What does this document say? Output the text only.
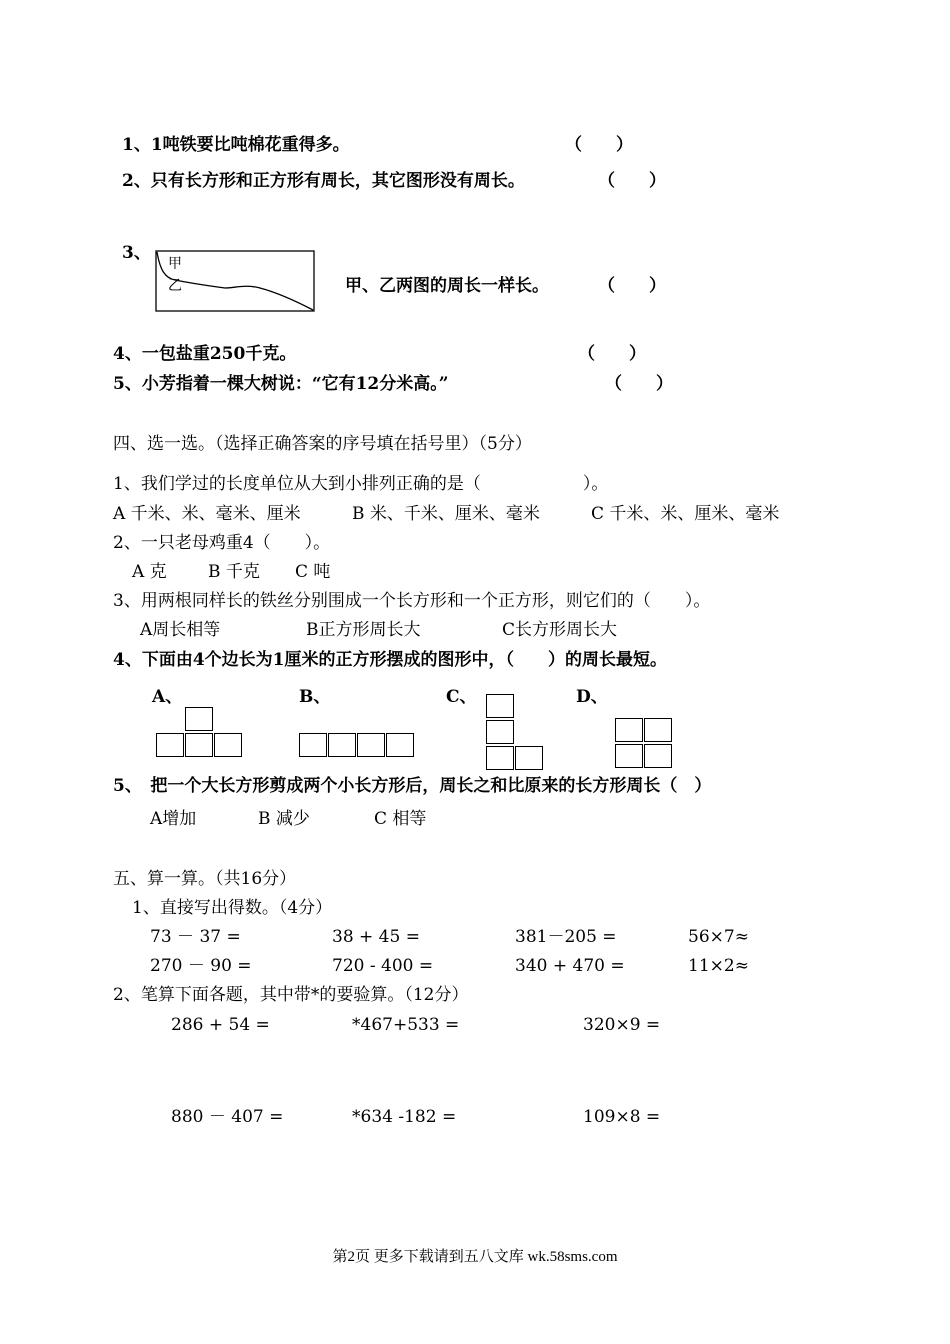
1、1吨铁要比吨棉花重得多。	（　　）
2、只有长方形和正方形有周长，其它图形没有周长。	（　　）
3、
甲
乙	甲、乙两图的周长一样长。	（　　）
4、一包盐重250千克。	（　　）
5、小芳指着一棵大树说：“它有12分米高。”	（　　）
四、选一选。（选择正确答案的序号填在括号里）（5分）
1、我们学过的长度单位从大到小排列正确的是（　　　　　　）。
A 千米、米、毫米、厘米	B 米、千米、厘米、毫米	C 千米、米、厘米、毫米
2、一只老母鸡重4（　　）。
A 克 B 千克 C 吨
3、用两根同样长的铁丝分别围成一个长方形和一个正方形，则它们的（　　）。
A周长相等	B正方形周长大	C长方形周长大
4、下面由4个边长为1厘米的正方形摆成的图形中，（　　）的周长最短。
A、	B、	C、	D、
5、　把一个大长方形剪成两个小长方形后，周长之和比原来的长方形周长（　）
A增加	B 减少	C 相等
五、算一算。（共16分）
1、直接写出得数。（4分）
73 － 37 =	38 + 45 =	381－205 =	56×7≈
270 － 90 =	720 - 400 =	340 + 470 =	11×2≈
2、笔算下面各题，其中带*的要验算。（12分）
286 + 54 =	*467+533 =	320×9 =
880 － 407 =	*634 -182 =	109×8 =
第2页 更多下载请到五八文库 wk.58sms.com
